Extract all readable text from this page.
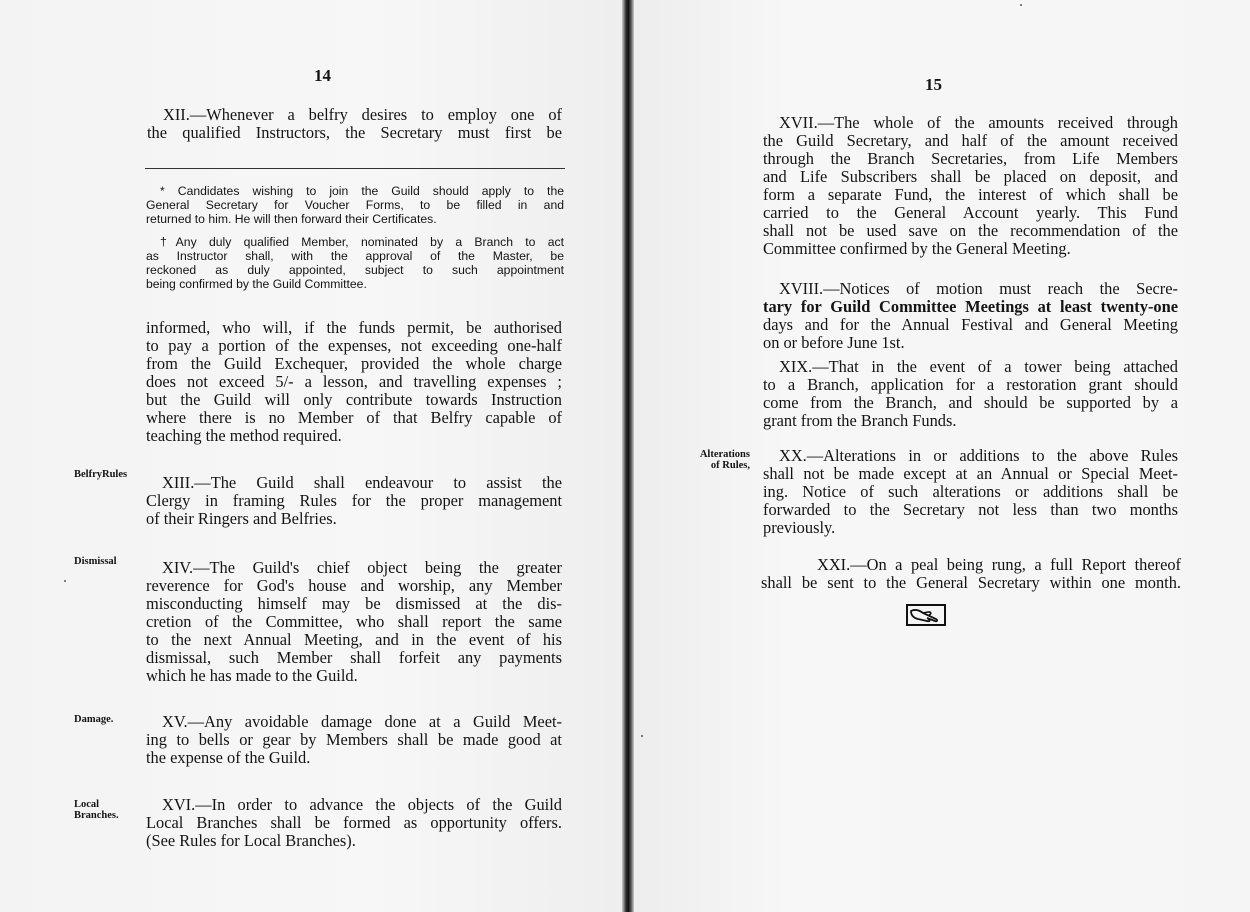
14
XII.—Whenever a belfry desires to employ one of
the qualified Instructors, the Secretary must first be
* Candidates wishing to join the Guild should apply to the
General Secretary for Voucher Forms, to be filled in and
returned to him. He will then forward their Certificates.
†Any duly qualified Member, nominated by a Branch to act
as Instructor shall, with the approval of the Master, be
reckoned as duly appointed, subject to such appointment
being confirmed by the Guild Committee.
informed, who will, if the funds permit, be authorised
to pay a portion of the expenses, not exceeding one-half
from the Guild Exchequer, provided the whole charge
does not exceed 5/- a lesson, and travelling expenses ;
but the Guild will only contribute towards Instruction
where there is no Member of that Belfry capable of
teaching the method required.
BelfryRules	XIII.—The Guild shall endeavour to assist the
Clergy in framing Rules for the proper management
of their Ringers and Belfries.
Dismissal	XIV.—The Guild's chief object being the greater
reverence for God's house and worship, any Member
misconducting himself may be dismissed at the dis-
cretion of the Committee, who shall report the same
to the next Annual Meeting, and in the event of his
dismissal, such Member shall forfeit any payments
which he has made to the Guild.
Damage.	XV.—Any avoidable damage done at a Guild Meet-
ing to bells or gear by Members shall be made good at
the expense of the Guild.
Local
Branches.
XVI.—In order to advance the objects of the Guild
Local Branches shall be formed as opportunity offers.
(See Rules for Local Branches).
15
XVII.—The whole of the amounts received through
the Guild Secretary, and half of the amount received
through the Branch Secretaries, from Life Members
and Life Subscribers shall be placed on deposit, and
form a separate Fund, the interest of which shall be
carried to the General Account yearly. This Fund
shall not be used save on the recommendation of the
Committee confirmed by the General Meeting.
XVIII.—Notices of motion must reach the Secre-
tary for Guild Committee Meetings at least twenty-one
days and for the Annual Festival and General Meeting
on or before June 1st.
XIX.—That in the event of a tower being attached
to a Branch, application for a restoration grant should
come from the Branch, and should be supported by a
grant from the Branch Funds.
Alterations
of Rules,
XX.—Alterations in or additions to the above Rules
shall not be made except at an Annual or Special Meet-
ing. Notice of such alterations or additions shall be
forwarded to the Secretary not less than two months
previously.
XXI.—On a peal being rung, a full Report thereof
shall be sent to the General Secretary within one month.
